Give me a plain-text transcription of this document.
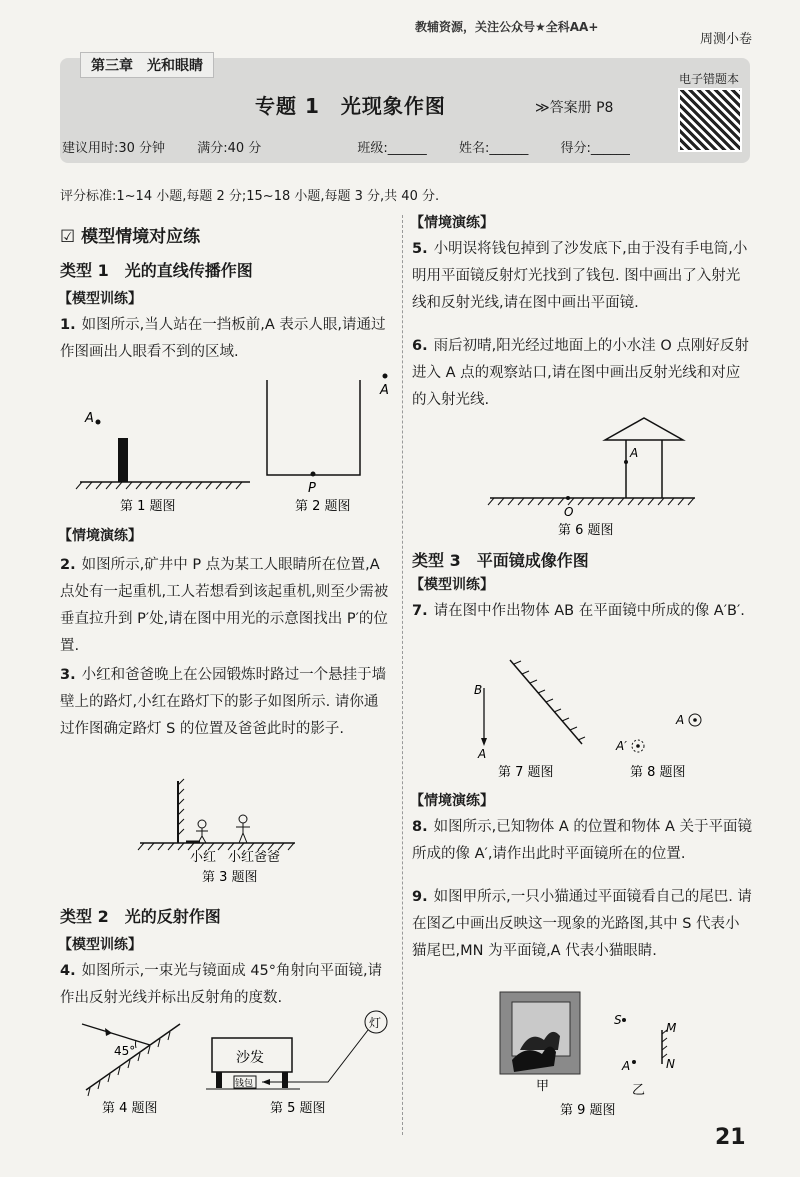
教辅资源，关注公众号★全科AA+
周测小卷
第三章　光和眼睛
专题 1　光现象作图	≫答案册 P8
电子错题本
建议用时:30 分钟 满分:40 分	班级:______ 姓名:______ 得分:______
评分标准:1~14 小题,每题 2 分;15~18 小题,每题 3 分,共 40 分.
☑ 模型情境对应练
类型 1　光的直线传播作图
【模型训练】
1. 如图所示,当人站在一挡板前,A 表示人眼,请通过作图画出人眼看不到的区域.
A
第 1 题图
P
A
第 2 题图
【情境演练】
2. 如图所示,矿井中 P 点为某工人眼睛所在位置,A 点处有一起重机,工人若想看到该起重机,则至少需被垂直拉升到 P′处,请在图中用光的示意图找出 P′的位置.
3. 小红和爸爸晚上在公园锻炼时路过一个悬挂于墙壁上的路灯,小红在路灯下的影子如图所示. 请你通过作图确定路灯 S 的位置及爸爸此时的影子.
小红 小红爸爸
第 3 题图
类型 2　光的反射作图
【模型训练】
4. 如图所示,一束光与镜面成 45°角射向平面镜,请作出反射光线并标出反射角的度数.
45°
第 4 题图
沙发
钱包
灯
第 5 题图
【情境演练】
5. 小明误将钱包掉到了沙发底下,由于没有手电筒,小明用平面镜反射灯光找到了钱包. 图中画出了入射光线和反射光线,请在图中画出平面镜.
6. 雨后初晴,阳光经过地面上的小水洼 O 点刚好反射进入 A 点的观察站口,请在图中画出反射光线和对应的入射光线.
A
O
第 6 题图
类型 3　平面镜成像作图
【模型训练】
7. 请在图中作出物体 AB 在平面镜中所成的像 A′B′.
B
A
第 7 题图
A
A′
第 8 题图
【情境演练】
8. 如图所示,已知物体 A 的位置和物体 A 关于平面镜所成的像 A′,请作出此时平面镜所在的位置.
9. 如图甲所示,一只小猫通过平面镜看自己的尾巴. 请在图乙中画出反映这一现象的光路图,其中 S 代表小猫尾巴,MN 为平面镜,A 代表小猫眼睛.
甲
S
A
M
N
乙
第 9 题图
21
